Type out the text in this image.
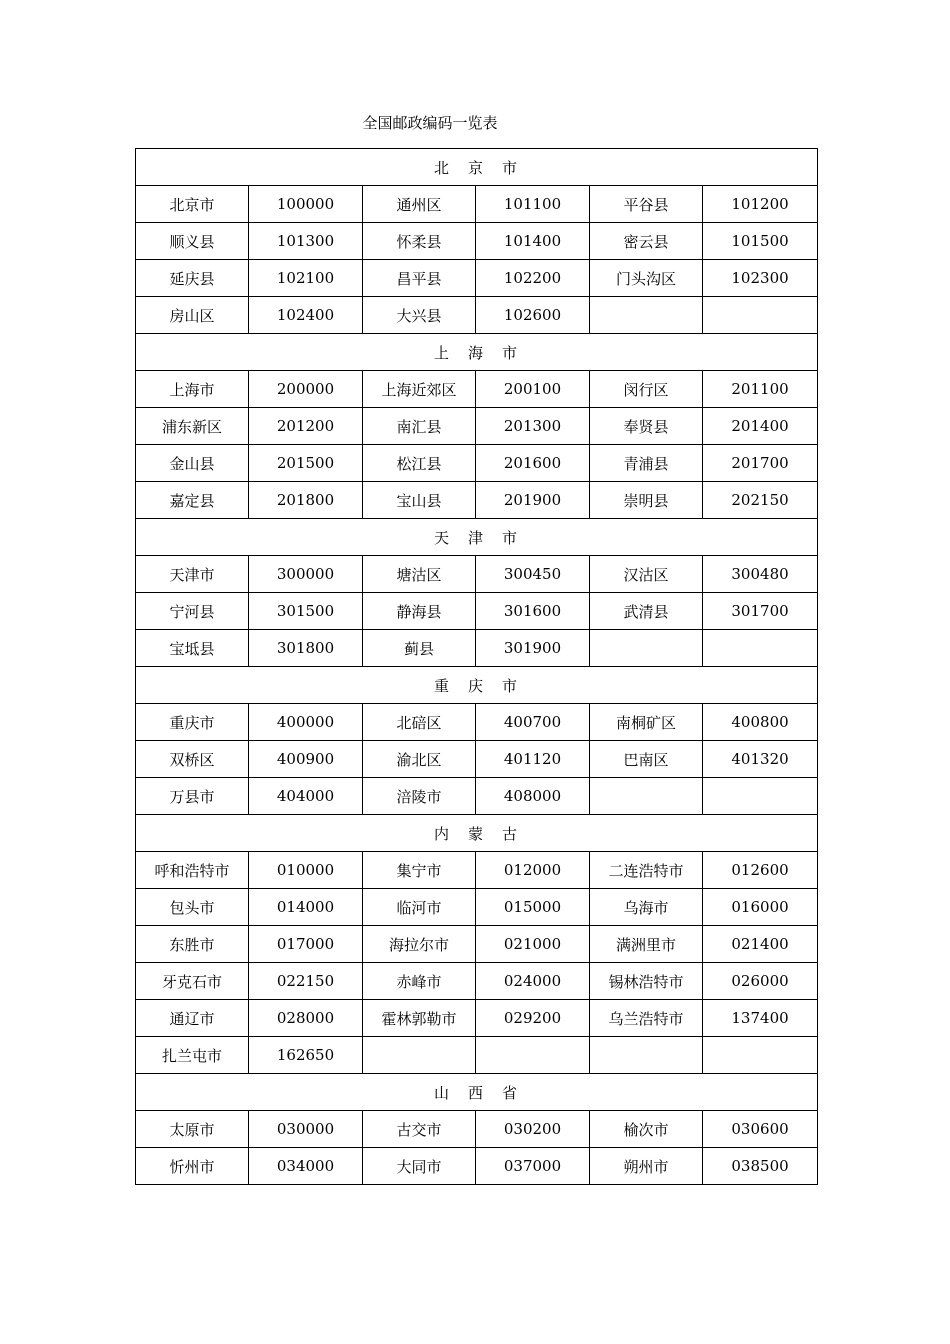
全国邮政编码一览表
北　京　市					
北京市	100000	通州区	101100	平谷县	101200
顺义县	101300	怀柔县	101400	密云县	101500
延庆县	102100	昌平县	102200	门头沟区	102300
房山区	102400	大兴县	102600		
上　海　市					
上海市	200000	上海近郊区	200100	闵行区	201100
浦东新区	201200	南汇县	201300	奉贤县	201400
金山县	201500	松江县	201600	青浦县	201700
嘉定县	201800	宝山县	201900	崇明县	202150
天　津　市					
天津市	300000	塘沽区	300450	汉沽区	300480
宁河县	301500	静海县	301600	武清县	301700
宝坻县	301800	蓟县	301900		
重　庆　市					
重庆市	400000	北碚区	400700	南桐矿区	400800
双桥区	400900	渝北区	401120	巴南区	401320
万县市	404000	涪陵市	408000		
内　蒙　古					
呼和浩特市	010000	集宁市	012000	二连浩特市	012600
包头市	014000	临河市	015000	乌海市	016000
东胜市	017000	海拉尔市	021000	满洲里市	021400
牙克石市	022150	赤峰市	024000	锡林浩特市	026000
通辽市	028000	霍林郭勒市	029200	乌兰浩特市	137400
扎兰屯市	162650				
山　西　省					
太原市	030000	古交市	030200	榆次市	030600
忻州市	034000	大同市	037000	朔州市	038500
